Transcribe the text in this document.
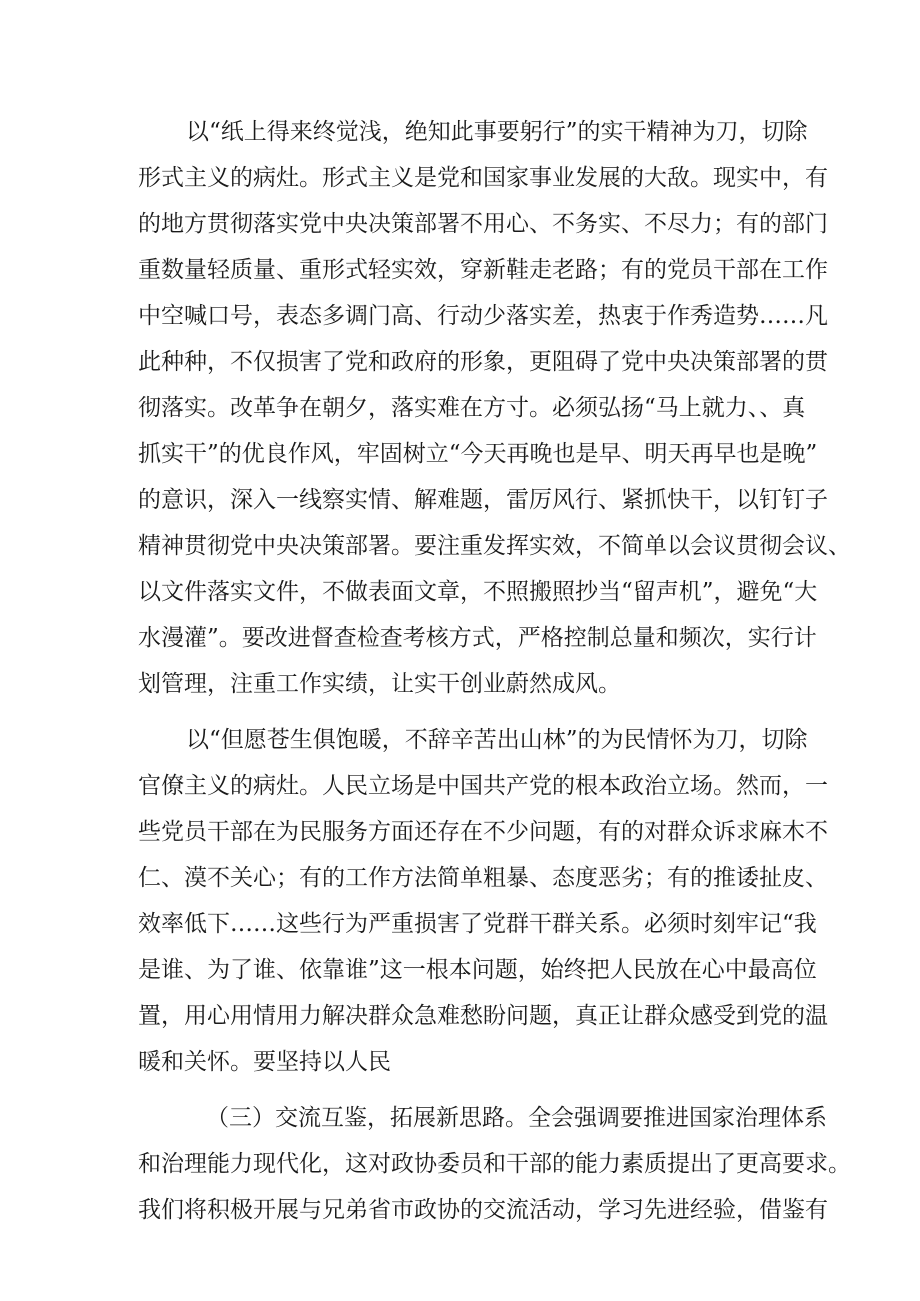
以“纸上得来终觉浅，绝知此事要躬行”的实干精神为刀，切除
形式主义的病灶。形式主义是党和国家事业发展的大敌。现实中，有
的地方贯彻落实党中央决策部署不用心、不务实、不尽力；有的部门
重数量轻质量、重形式轻实效，穿新鞋走老路；有的党员干部在工作
中空喊口号，表态多调门高、行动少落实差，热衷于作秀造势……凡
此种种，不仅损害了党和政府的形象，更阻碍了党中央决策部署的贯
彻落实。改革争在朝夕，落实难在方寸。必须弘扬“马上就力、、真
抓实干”的优良作风，牢固树立“今天再晚也是早、明天再早也是晚”
的意识，深入一线察实情、解难题，雷厉风行、紧抓快干，以钉钉子
精神贯彻党中央决策部署。要注重发挥实效，不简单以会议贯彻会议、
以文件落实文件，不做表面文章，不照搬照抄当“留声机”，避免“大
水漫灌”。要改进督查检查考核方式，严格控制总量和频次，实行计
划管理，注重工作实绩，让实干创业蔚然成风。
以“但愿苍生俱饱暖，不辞辛苦出山林”的为民情怀为刀，切除
官僚主义的病灶。人民立场是中国共产党的根本政治立场。然而，一
些党员干部在为民服务方面还存在不少问题，有的对群众诉求麻木不
仁、漠不关心；有的工作方法简单粗暴、态度恶劣；有的推诿扯皮、
效率低下……这些行为严重损害了党群干群关系。必须时刻牢记“我
是谁、为了谁、依靠谁”这一根本问题，始终把人民放在心中最高位
置，用心用情用力解决群众急难愁盼问题，真正让群众感受到党的温
暖和关怀。要坚持以人民
（三）交流互鉴，拓展新思路。全会强调要推进国家治理体系
和治理能力现代化，这对政协委员和干部的能力素质提出了更高要求。
我们将积极开展与兄弟省市政协的交流活动，学习先进经验，借鉴有
